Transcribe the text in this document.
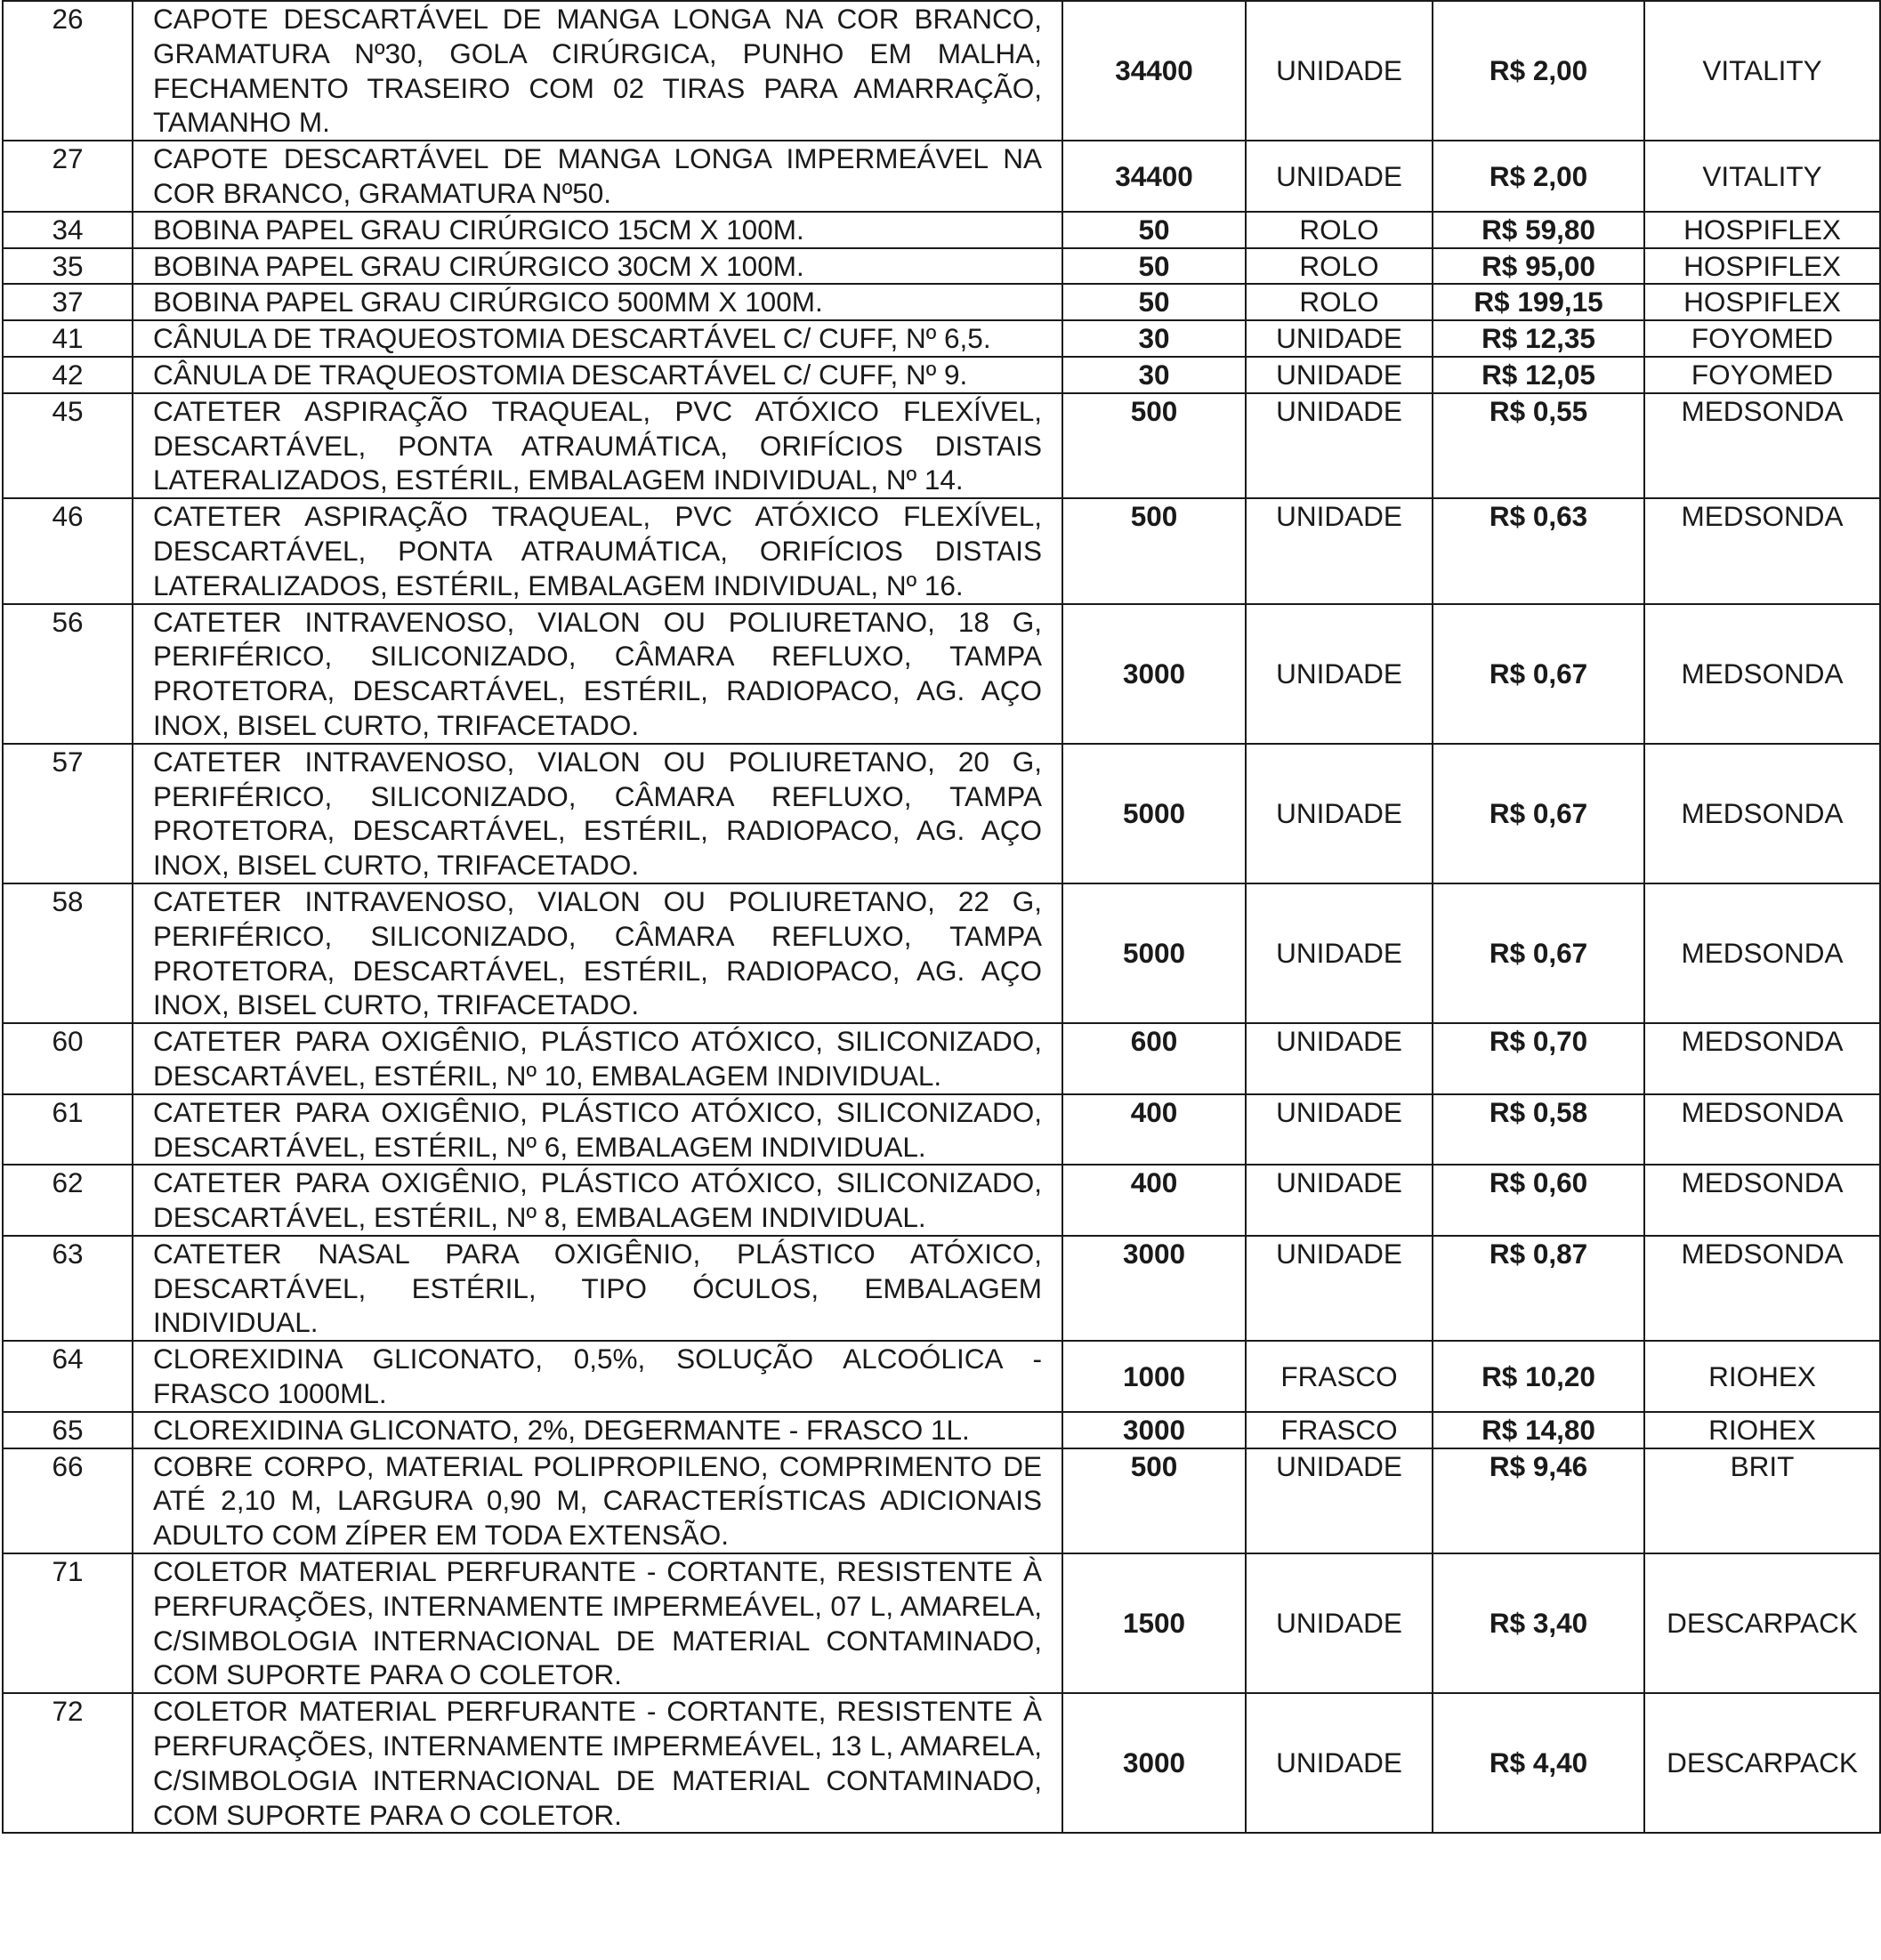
26	CAPOTE DESCARTÁVEL DE MANGA LONGA NA COR BRANCO, GRAMATURA Nº30, GOLA CIRÚRGICA, PUNHO EM MALHA, FECHAMENTO TRASEIRO COM 02 TIRAS PARA AMARRAÇÃO, TAMANHO M.	34400	UNIDADE	R$ 2,00	VITALITY
27	CAPOTE DESCARTÁVEL DE MANGA LONGA IMPERMEÁVEL NA COR BRANCO, GRAMATURA Nº50.	34400	UNIDADE	R$ 2,00	VITALITY
34	BOBINA PAPEL GRAU CIRÚRGICO 15CM X 100M.	50	ROLO	R$ 59,80	HOSPIFLEX
35	BOBINA PAPEL GRAU CIRÚRGICO 30CM X 100M.	50	ROLO	R$ 95,00	HOSPIFLEX
37	BOBINA PAPEL GRAU CIRÚRGICO 500MM X 100M.	50	ROLO	R$ 199,15	HOSPIFLEX
41	CÂNULA DE TRAQUEOSTOMIA DESCARTÁVEL C/ CUFF, Nº 6,5.	30	UNIDADE	R$ 12,35	FOYOMED
42	CÂNULA DE TRAQUEOSTOMIA DESCARTÁVEL C/ CUFF, Nº 9.	30	UNIDADE	R$ 12,05	FOYOMED
45	CATETER ASPIRAÇÃO TRAQUEAL, PVC ATÓXICO FLEXÍVEL, DESCARTÁVEL, PONTA ATRAUMÁTICA, ORIFÍCIOS DISTAIS LATERALIZADOS, ESTÉRIL, EMBALAGEM INDIVIDUAL, Nº 14.	500	UNIDADE	R$ 0,55	MEDSONDA
46	CATETER ASPIRAÇÃO TRAQUEAL, PVC ATÓXICO FLEXÍVEL, DESCARTÁVEL, PONTA ATRAUMÁTICA, ORIFÍCIOS DISTAIS LATERALIZADOS, ESTÉRIL, EMBALAGEM INDIVIDUAL, Nº 16.	500	UNIDADE	R$ 0,63	MEDSONDA
56	CATETER INTRAVENOSO, VIALON OU POLIURETANO, 18 G, PERIFÉRICO, SILICONIZADO, CÂMARA REFLUXO, TAMPA PROTETORA, DESCARTÁVEL, ESTÉRIL, RADIOPACO, AG. AÇO INOX, BISEL CURTO, TRIFACETADO.	3000	UNIDADE	R$ 0,67	MEDSONDA
57	CATETER INTRAVENOSO, VIALON OU POLIURETANO, 20 G, PERIFÉRICO, SILICONIZADO, CÂMARA REFLUXO, TAMPA PROTETORA, DESCARTÁVEL, ESTÉRIL, RADIOPACO, AG. AÇO INOX, BISEL CURTO, TRIFACETADO.	5000	UNIDADE	R$ 0,67	MEDSONDA
58	CATETER INTRAVENOSO, VIALON OU POLIURETANO, 22 G, PERIFÉRICO, SILICONIZADO, CÂMARA REFLUXO, TAMPA PROTETORA, DESCARTÁVEL, ESTÉRIL, RADIOPACO, AG. AÇO INOX, BISEL CURTO, TRIFACETADO.	5000	UNIDADE	R$ 0,67	MEDSONDA
60	CATETER PARA OXIGÊNIO, PLÁSTICO ATÓXICO, SILICONIZADO, DESCARTÁVEL, ESTÉRIL, Nº 10, EMBALAGEM INDIVIDUAL.	600	UNIDADE	R$ 0,70	MEDSONDA
61	CATETER PARA OXIGÊNIO, PLÁSTICO ATÓXICO, SILICONIZADO, DESCARTÁVEL, ESTÉRIL, Nº 6, EMBALAGEM INDIVIDUAL.	400	UNIDADE	R$ 0,58	MEDSONDA
62	CATETER PARA OXIGÊNIO, PLÁSTICO ATÓXICO, SILICONIZADO, DESCARTÁVEL, ESTÉRIL, Nº 8, EMBALAGEM INDIVIDUAL.	400	UNIDADE	R$ 0,60	MEDSONDA
63	CATETER NASAL PARA OXIGÊNIO, PLÁSTICO ATÓXICO, DESCARTÁVEL, ESTÉRIL, TIPO ÓCULOS, EMBALAGEM INDIVIDUAL.	3000	UNIDADE	R$ 0,87	MEDSONDA
64	CLOREXIDINA GLICONATO, 0,5%, SOLUÇÃO ALCOÓLICA - FRASCO 1000ML.	1000	FRASCO	R$ 10,20	RIOHEX
65	CLOREXIDINA GLICONATO, 2%, DEGERMANTE - FRASCO 1L.	3000	FRASCO	R$ 14,80	RIOHEX
66	COBRE CORPO, MATERIAL POLIPROPILENO, COMPRIMENTO DE ATÉ 2,10 M, LARGURA 0,90 M, CARACTERÍSTICAS ADICIONAIS ADULTO COM ZÍPER EM TODA EXTENSÃO.	500	UNIDADE	R$ 9,46	BRIT
71	COLETOR MATERIAL PERFURANTE - CORTANTE, RESISTENTE À PERFURAÇÕES, INTERNAMENTE IMPERMEÁVEL, 07 L, AMARELA, C/SIMBOLOGIA INTERNACIONAL DE MATERIAL CONTAMINADO, COM SUPORTE PARA O COLETOR.	1500	UNIDADE	R$ 3,40	DESCARPACK
72	COLETOR MATERIAL PERFURANTE - CORTANTE, RESISTENTE À PERFURAÇÕES, INTERNAMENTE IMPERMEÁVEL, 13 L, AMARELA, C/SIMBOLOGIA INTERNACIONAL DE MATERIAL CONTAMINADO, COM SUPORTE PARA O COLETOR.	3000	UNIDADE	R$ 4,40	DESCARPACK
